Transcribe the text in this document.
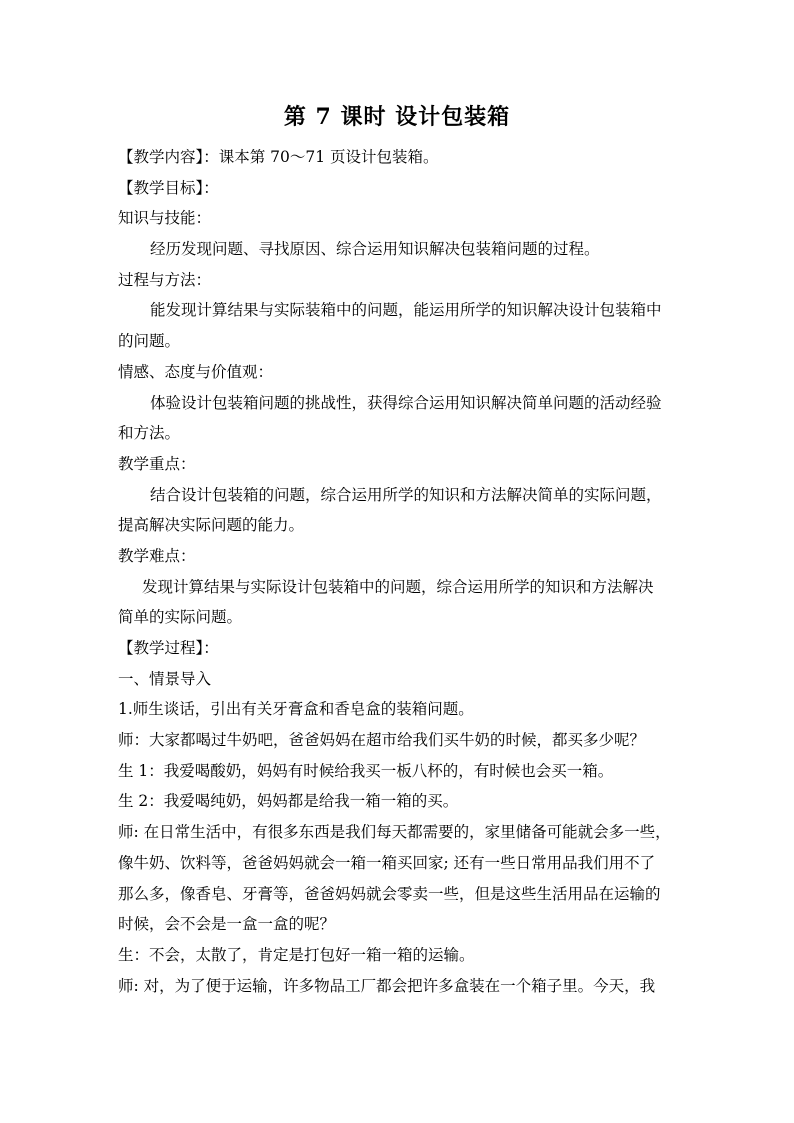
第 7 课时 设计包装箱
【教学内容】：课本第 70～71 页设计包装箱。
【教学目标】：
知识与技能：
经历发现问题、寻找原因、综合运用知识解决包装箱问题的过程。
过程与方法：
能发现计算结果与实际装箱中的问题，能运用所学的知识解决设计包装箱中
的问题。
情感、态度与价值观：
体验设计包装箱问题的挑战性，获得综合运用知识解决简单问题的活动经验
和方法。
教学重点：
结合设计包装箱的问题，综合运用所学的知识和方法解决简单的实际问题，
提高解决实际问题的能力。
教学难点：
发现计算结果与实际设计包装箱中的问题，综合运用所学的知识和方法解决
简单的实际问题。
【教学过程】：
一、情景导入
1.师生谈话，引出有关牙膏盒和香皂盒的装箱问题。
师：大家都喝过牛奶吧，爸爸妈妈在超市给我们买牛奶的时候，都买多少呢？
生 1：我爱喝酸奶，妈妈有时候给我买一板八杯的，有时候也会买一箱。
生 2：我爱喝纯奶，妈妈都是给我一箱一箱的买。
师: 在日常生活中，有很多东西是我们每天都需要的，家里储备可能就会多一些，
像牛奶、饮料等，爸爸妈妈就会一箱一箱买回家; 还有一些日常用品我们用不了
那么多，像香皂、牙膏等，爸爸妈妈就会零卖一些，但是这些生活用品在运输的
时候，会不会是一盒一盒的呢？
生：不会，太散了，肯定是打包好一箱一箱的运输。
师: 对，为了便于运输，许多物品工厂都会把许多盒装在一个箱子里。今天，我
